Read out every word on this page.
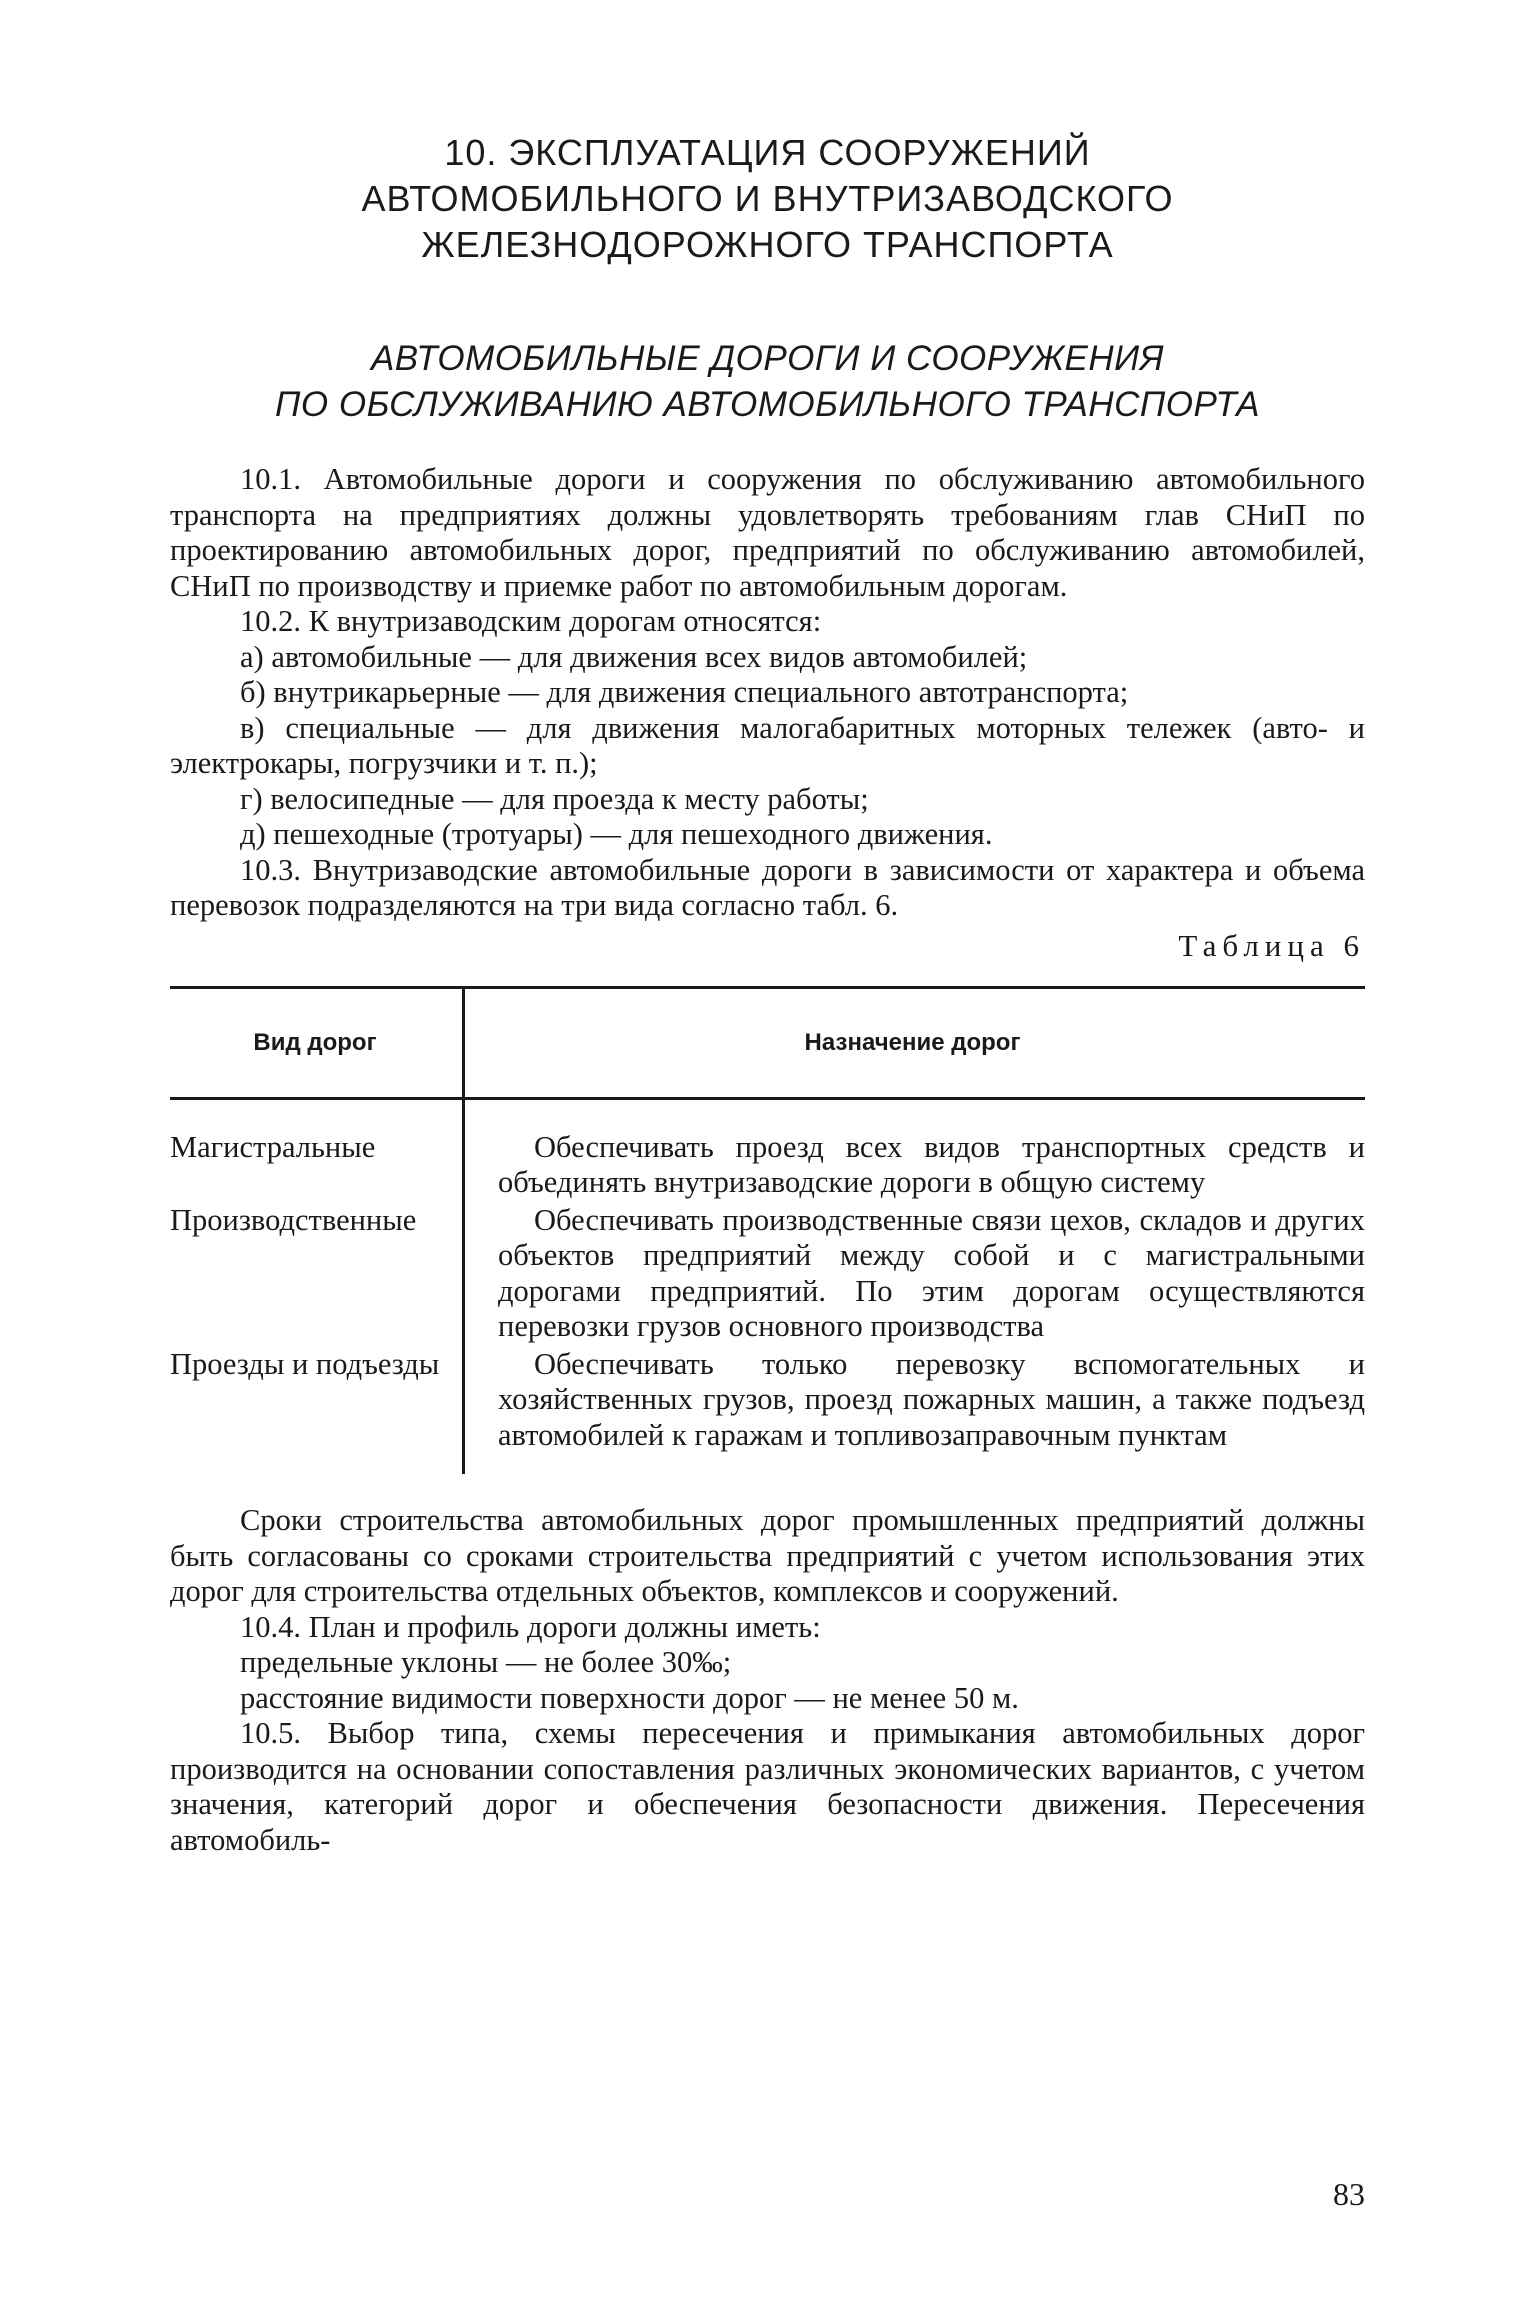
10. ЭКСПЛУАТАЦИЯ СООРУЖЕНИЙ
АВТОМОБИЛЬНОГО И ВНУТРИЗАВОДСКОГО
ЖЕЛЕЗНОДОРОЖНОГО ТРАНСПОРТА
АВТОМОБИЛЬНЫЕ ДОРОГИ И СООРУЖЕНИЯ
ПО ОБСЛУЖИВАНИЮ АВТОМОБИЛЬНОГО ТРАНСПОРТА

10.1. Автомобильные дороги и сооружения по обслуживанию автомобильного транспорта на предприятиях должны удовлетворять требованиям глав СНиП по проектированию автомобильных дорог, предприятий по обслуживанию автомобилей, СНиП по производству и приемке работ по автомобильным дорогам.

10.2. К внутризаводским дорогам относятся:

а) автомобильные — для движения всех видов автомобилей;

б) внутрикарьерные — для движения специального автотранспорта;

в) специальные — для движения малогабаритных моторных тележек (авто- и электрокары, погрузчики и т. п.);

г) велосипедные — для проезда к месту работы;

д) пешеходные (тротуары) — для пешеходного движения.

10.3. Внутризаводские автомобильные дороги в зависимости от характера и объема перевозок подразделяются на три вида согласно табл. 6.

Таблица 6
Вид дорог	Назначение дорог
Магистральные	Обеспечивать проезд всех видов транспортных средств и объединять внутризаводские дороги в общую систему

Производственные	Обеспечивать производственные связи цехов, складов и других объектов предприятий между собой и с магистральными дорогами предприятий. По этим дорогам осуществляются перевозки грузов основного производства

Проезды и подъезды	Обеспечивать только перевозку вспомогательных и хозяйственных грузов, проезд пожарных машин, а также подъезд автомобилей к гаражам и топливозаправочным пунктам

Сроки строительства автомобильных дорог промышленных предприятий должны быть согласованы со сроками строительства предприятий с учетом использования этих дорог для строительства отдельных объектов, комплексов и сооружений.

10.4. План и профиль дороги должны иметь:

предельные уклоны — не более 30‰;

расстояние видимости поверхности дорог — не менее 50 м.

10.5. Выбор типа, схемы пересечения и примыкания автомобильных дорог производится на основании сопоставления различных экономических вариантов, с учетом значения, категорий дорог и обеспечения безопасности движения. Пересечения автомобиль-

83
